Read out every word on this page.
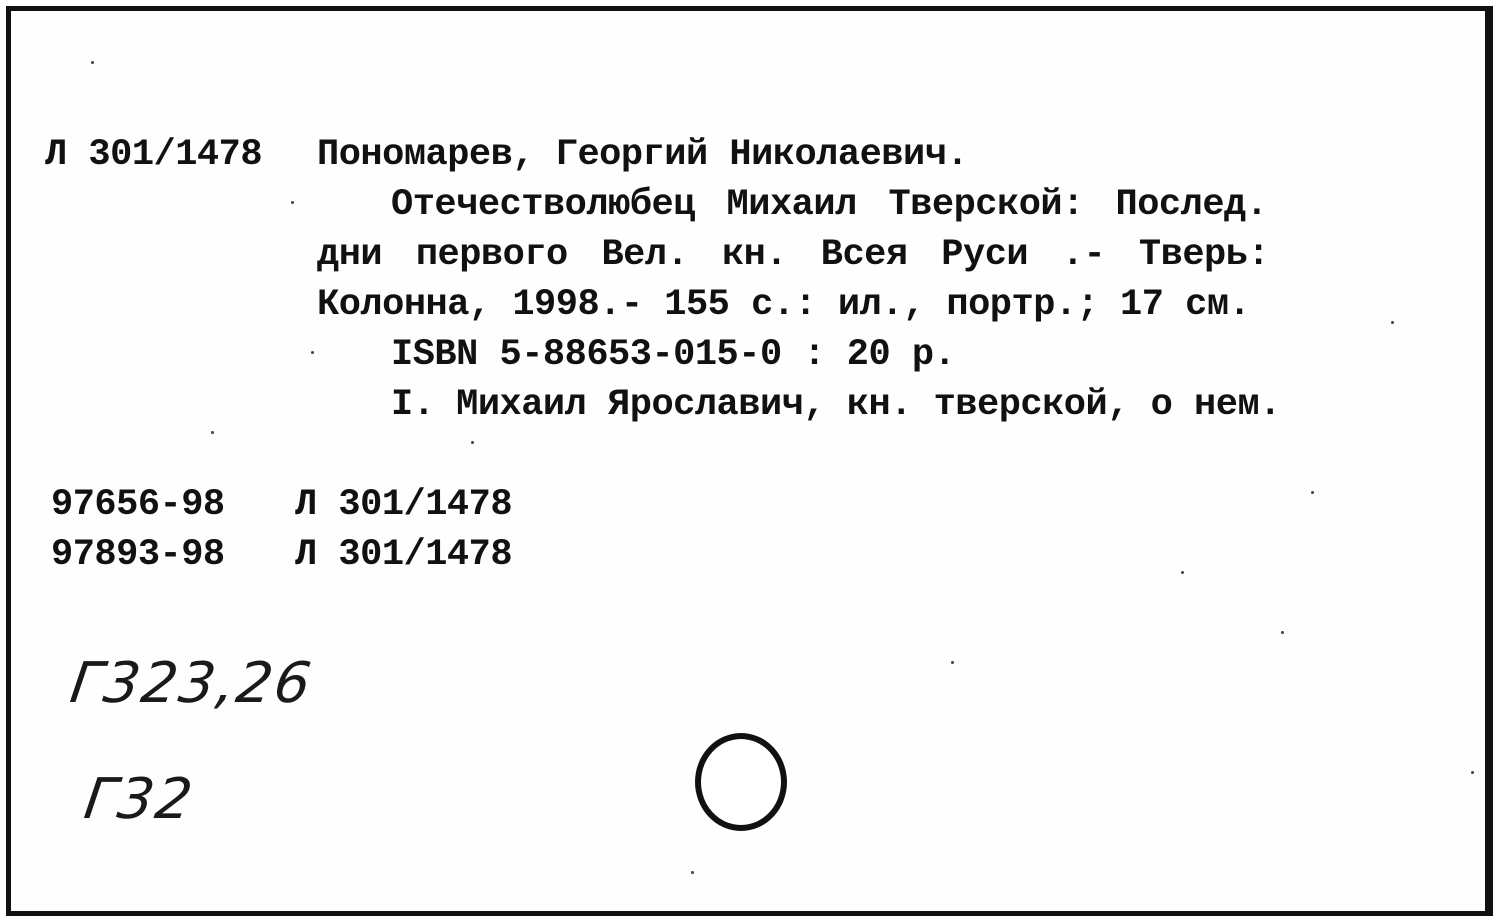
Л 301/1478 Пономарев, Георгий Николаевич.
Отечестволюбец Михаил Тверской: Послед.
дни первого Вел. кн. Всея Руси .- Тверь:
Колонна, 1998.- 155 с.: ил., портр.; 17 см.
ISBN 5-88653-015-0 : 20 р.
I. Михаил Ярославич, кн. тверской, о нем.
97656-98 Л 301/1478
97893-98 Л 301/1478
Г323,26
Г32
